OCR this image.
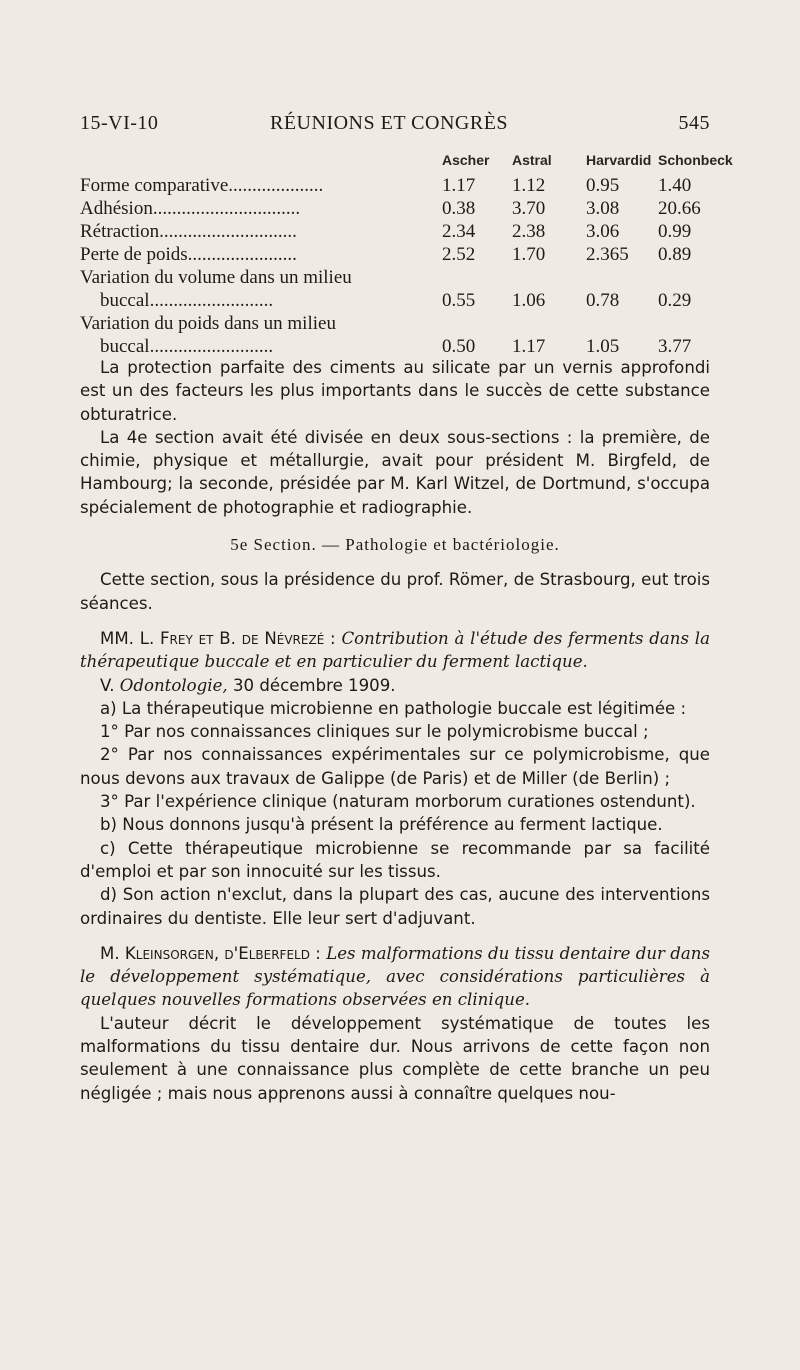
15-VI-10	RÉUNIONS ET CONGRÈS	545
Ascher Astral Harvardid Schonbeck
Forme comparative....................	1.17 1.12 0.95 1.40
Adhésion...............................	0.38 3.70 3.08 20.66
Rétraction.............................	2.34 2.38 3.06 0.99
Perte de poids.......................	2.52 1.70 2.365 0.89
Variation du volume dans un milieu
buccal..........................	0.55 1.06 0.78 0.29
Variation du poids dans un milieu
buccal..........................	0.50 1.17 1.05 3.77

La protection parfaite des ciments au silicate par un vernis approfondi est un des facteurs les plus importants dans le succès de cette substance obturatrice.

La 4e section avait été divisée en deux sous-sections : la première, de chimie, physique et métallurgie, avait pour président M. Birgfeld, de Hambourg; la seconde, présidée par M. Karl Witzel, de Dortmund, s'occupa spécialement de photographie et radiographie.

5e Section. — Pathologie et bactériologie.

Cette section, sous la présidence du prof. Römer, de Strasbourg, eut trois séances.

MM. L. Frey et B. de Névrezé : Contribution à l'étude des ferments dans la thérapeutique buccale et en particulier du ferment lactique.

V. Odontologie, 30 décembre 1909.

a) La thérapeutique microbienne en pathologie buccale est légitimée :

1° Par nos connaissances cliniques sur le polymicrobisme buccal ;

2° Par nos connaissances expérimentales sur ce polymicrobisme, que nous devons aux travaux de Galippe (de Paris) et de Miller (de Berlin) ;

3° Par l'expérience clinique (naturam morborum curationes ostendunt).

b) Nous donnons jusqu'à présent la préférence au ferment lactique.

c) Cette thérapeutique microbienne se recommande par sa facilité d'emploi et par son innocuité sur les tissus.

d) Son action n'exclut, dans la plupart des cas, aucune des interventions ordinaires du dentiste. Elle leur sert d'adjuvant.

M. Kleinsorgen, d'Elberfeld : Les malformations du tissu dentaire dur dans le développement systématique, avec considérations particulières à quelques nouvelles formations observées en clinique.

L'auteur décrit le développement systématique de toutes les malformations du tissu dentaire dur. Nous arrivons de cette façon non seulement à une connaissance plus complète de cette branche un peu négligée ; mais nous apprenons aussi à connaître quelques nou-
